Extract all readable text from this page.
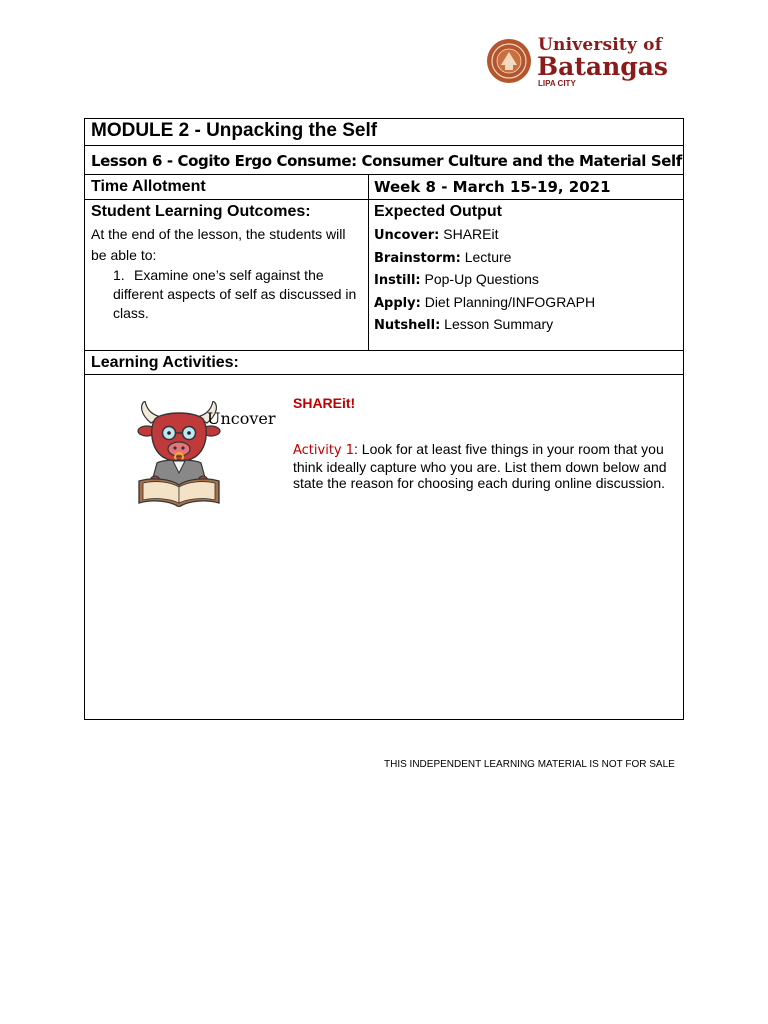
University of
Batangas
LIPA CITY
MODULE 2 - Unpacking the Self
Lesson 6 - Cogito Ergo Consume: Consumer Culture and the Material Self
Time Allotment	Week 8 - March 15-19, 2021
Student Learning Outcomes:
At the end of the lesson, the students will be able to:
1. Examine one’s self against the different aspects of self as discussed in class.
Expected Output
Uncover: SHAREit
Brainstorm: Lecture
Instill: Pop-Up Questions
Apply: Diet Planning/INFOGRAPH
Nutshell: Lesson Summary
Learning Activities:
Uncover
SHAREit!
Activity 1: Look for at least five things in your room that you think ideally capture who you are. List them down below and state the reason for choosing each during online discussion.
THIS INDEPENDENT LEARNING MATERIAL IS NOT FOR SALE
